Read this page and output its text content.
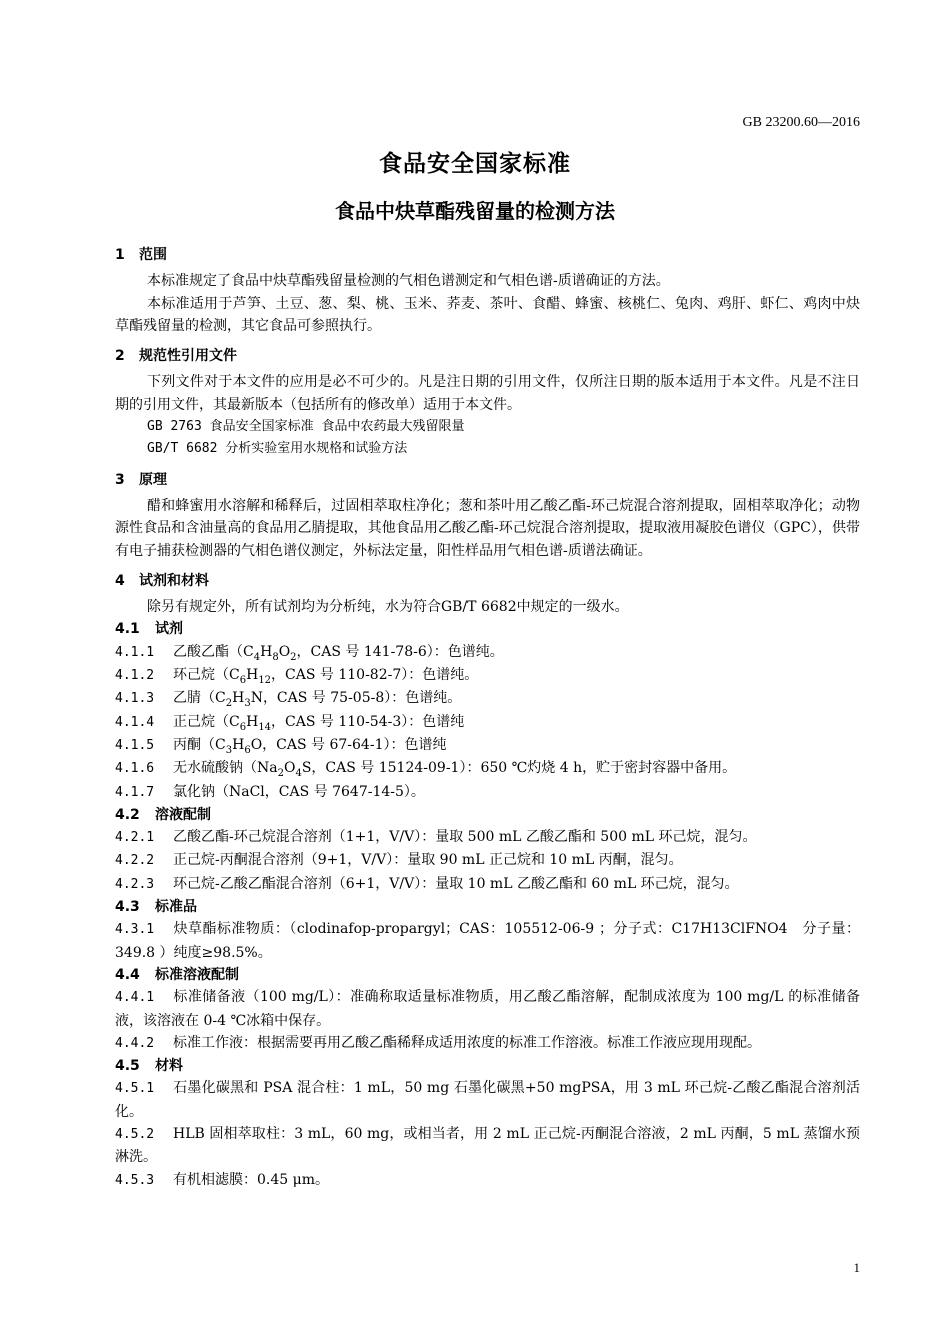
GB 23200.60—2016
食品安全国家标准
食品中炔草酯残留量的检测方法
1 范围
本标准规定了食品中炔草酯残留量检测的气相色谱测定和气相色谱-质谱确证的方法。
本标准适用于芦笋、土豆、葱、梨、桃、玉米、荞麦、茶叶、食醋、蜂蜜、核桃仁、兔肉、鸡肝、虾仁、鸡肉中炔草酯残留量的检测，其它食品可参照执行。
2 规范性引用文件
下列文件对于本文件的应用是必不可少的。凡是注日期的引用文件，仅所注日期的版本适用于本文件。凡是不注日期的引用文件，其最新版本（包括所有的修改单）适用于本文件。
GB 2763 食品安全国家标准 食品中农药最大残留限量
GB/T 6682 分析实验室用水规格和试验方法
3 原理
醋和蜂蜜用水溶解和稀释后，过固相萃取柱净化；葱和茶叶用乙酸乙酯-环己烷混合溶剂提取，固相萃取净化；动物源性食品和含油量高的食品用乙腈提取，其他食品用乙酸乙酯-环己烷混合溶剂提取，提取液用凝胶色谱仪（GPC），供带有电子捕获检测器的气相色谱仪测定，外标法定量，阳性样品用气相色谱-质谱法确证。
4 试剂和材料
除另有规定外，所有试剂均为分析纯，水为符合GB/T 6682中规定的一级水。
4.1 试剂
4.1.1 乙酸乙酯（$C_4H_8O_2$，CAS 号 141-78-6）：色谱纯。
4.1.2 环己烷（$C_6H_{12}$，CAS 号 110-82-7）：色谱纯。
4.1.3 乙腈（$C_2H_3N$，CAS 号 75-05-8）：色谱纯。
4.1.4 正己烷（$C_6H_{14}$，CAS 号 110-54-3）：色谱纯
4.1.5 丙酮（$C_3H_6O$，CAS 号 67-64-1）：色谱纯
4.1.6 无水硫酸钠（$Na_2O_4S$，CAS 号 15124-09-1）：650 ℃灼烧 4 h，贮于密封容器中备用。
4.1.7 氯化钠（NaCl，CAS 号 7647-14-5）。
4.2 溶液配制
4.2.1 乙酸乙酯-环己烷混合溶剂（1+1，V/V）：量取 500 mL 乙酸乙酯和 500 mL 环己烷，混匀。
4.2.2 正己烷-丙酮混合溶剂（9+1，V/V）：量取 90 mL 正己烷和 10 mL 丙酮，混匀。
4.2.3 环己烷-乙酸乙酯混合溶剂（6+1，V/V）：量取 10 mL 乙酸乙酯和 60 mL 环己烷，混匀。
4.3 标准品
4.3.1 炔草酯标准物质：（clodinafop-propargyl；CAS：105512-06-9 ；分子式：C17H13ClFNO4　分子量：349.8 ）纯度≥98.5%。
4.4 标准溶液配制
4.4.1 标准储备液（100 mg/L）：准确称取适量标准物质，用乙酸乙酯溶解，配制成浓度为 100 mg/L 的标准储备液，该溶液在 0-4 ℃冰箱中保存。
4.4.2 标准工作液：根据需要再用乙酸乙酯稀释成适用浓度的标准工作溶液。标准工作液应现用现配。
4.5 材料
4.5.1 石墨化碳黑和 PSA 混合柱：1 mL，50 mg 石墨化碳黑+50 mgPSA，用 3 mL 环己烷-乙酸乙酯混合溶剂活化。
4.5.2 HLB 固相萃取柱：3 mL，60 mg，或相当者，用 2 mL 正己烷-丙酮混合溶液，2 mL 丙酮，5 mL 蒸馏水预淋洗。
4.5.3 有机相滤膜：0.45 μm。
1
